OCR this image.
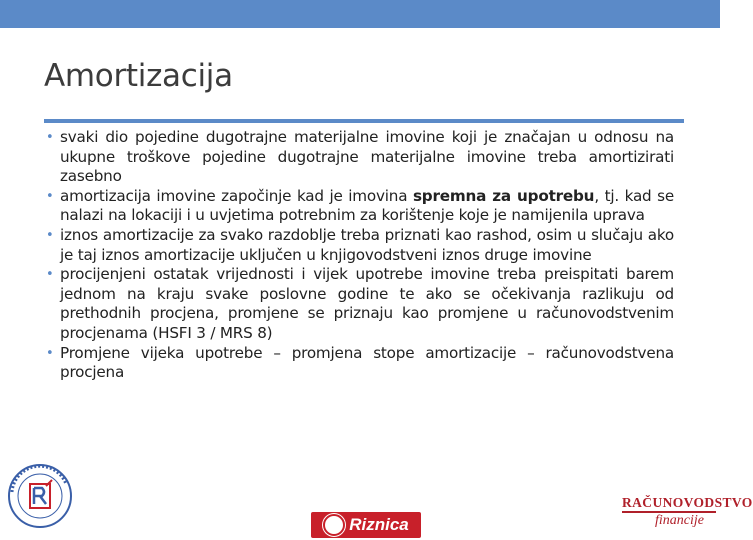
Amortizacija
• svaki dio pojedine dugotrajne materijalne imovine koji je značajan u odnosu na ukupne troškove pojedine dugotrajne materijalne imovine treba amortizirati zasebno
• amortizacija imovine započinje kad je imovina spremna za upotrebu, tj. kad se nalazi na lokaciji i u uvjetima potrebnim za korištenje koje je namijenila uprava
• iznos amortizacije za svako razdoblje treba priznati kao rashod, osim u slučaju ako je taj iznos amortizacije uključen u knjigovodstveni iznos druge imovine
• procijenjeni ostatak vrijednosti i vijek upotrebe imovine treba preispitati barem jednom na kraju svake poslovne godine te ako se očekivanja razlikuju od prethodnih procjena, promjene se priznaju kao promjene u računovodstvenim procjenama (HSFI 3 / MRS 8)
• Promjene vijeka upotrebe – promjena stope amortizacije – računovodstvena procjena
Riznica
RAČUNOVODSTVO
financije
